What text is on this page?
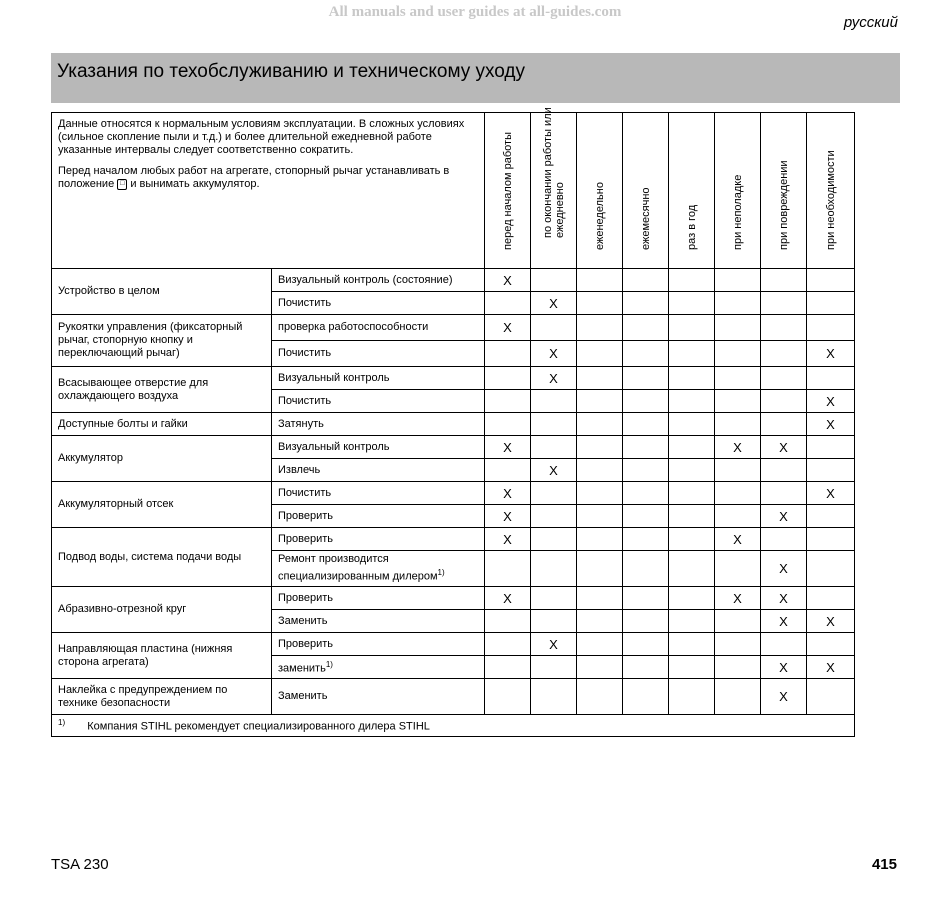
All manuals and user guides at all-guides.com
русский
Указания по техобслуживанию и техническому уходу

Данные относятся к нормальным условиям эксплуатации. В сложных условиях (сильное скопление пыли и т.д.) и более длительной ежедневной работе указанные интервалы следует соответственно сократить.

Перед началом любых работ на агрегате, стопорный рычаг устанавливать в положение □ и вынимать аккумулятор.		перед началом работы	по окончании работы или ежедневно	еженедельно	ежемесячно	раз в год	при неполадке	при повреждении	при необходимости

Устройство в целом	Визуальный контроль (состояние)	X							
	Почистить		X						
Рукоятки управления (фиксаторный рычаг, стопорную кнопку и переключающий рычаг)	проверка работоспособности	X							
	Почистить		X						X
Всасывающее отверстие для охлаждающего воздуха	Визуальный контроль		X						
	Почистить								X
Доступные болты и гайки	Затянуть								X
Аккумулятор	Визуальный контроль	X					X	X	
	Извлечь		X						
Аккумуляторный отсек	Почистить	X							X
	Проверить	X						X	
Подвод воды, система подачи воды	Проверить	X					X		
	Ремонт производится специализированным дилером$^{1)}$							X	
Абразивно-отрезной круг	Проверить	X					X	X	
	Заменить							X	X
Направляющая пластина (нижняя сторона агрегата)	Проверить		X						
	заменить$^{1)}$							X	X
Наклейка с предупреждением по технике безопасности	Заменить							X	
$^{1)}$ Компания STIHL рекомендует специализированного дилера STIHL									
TSA 230	415
